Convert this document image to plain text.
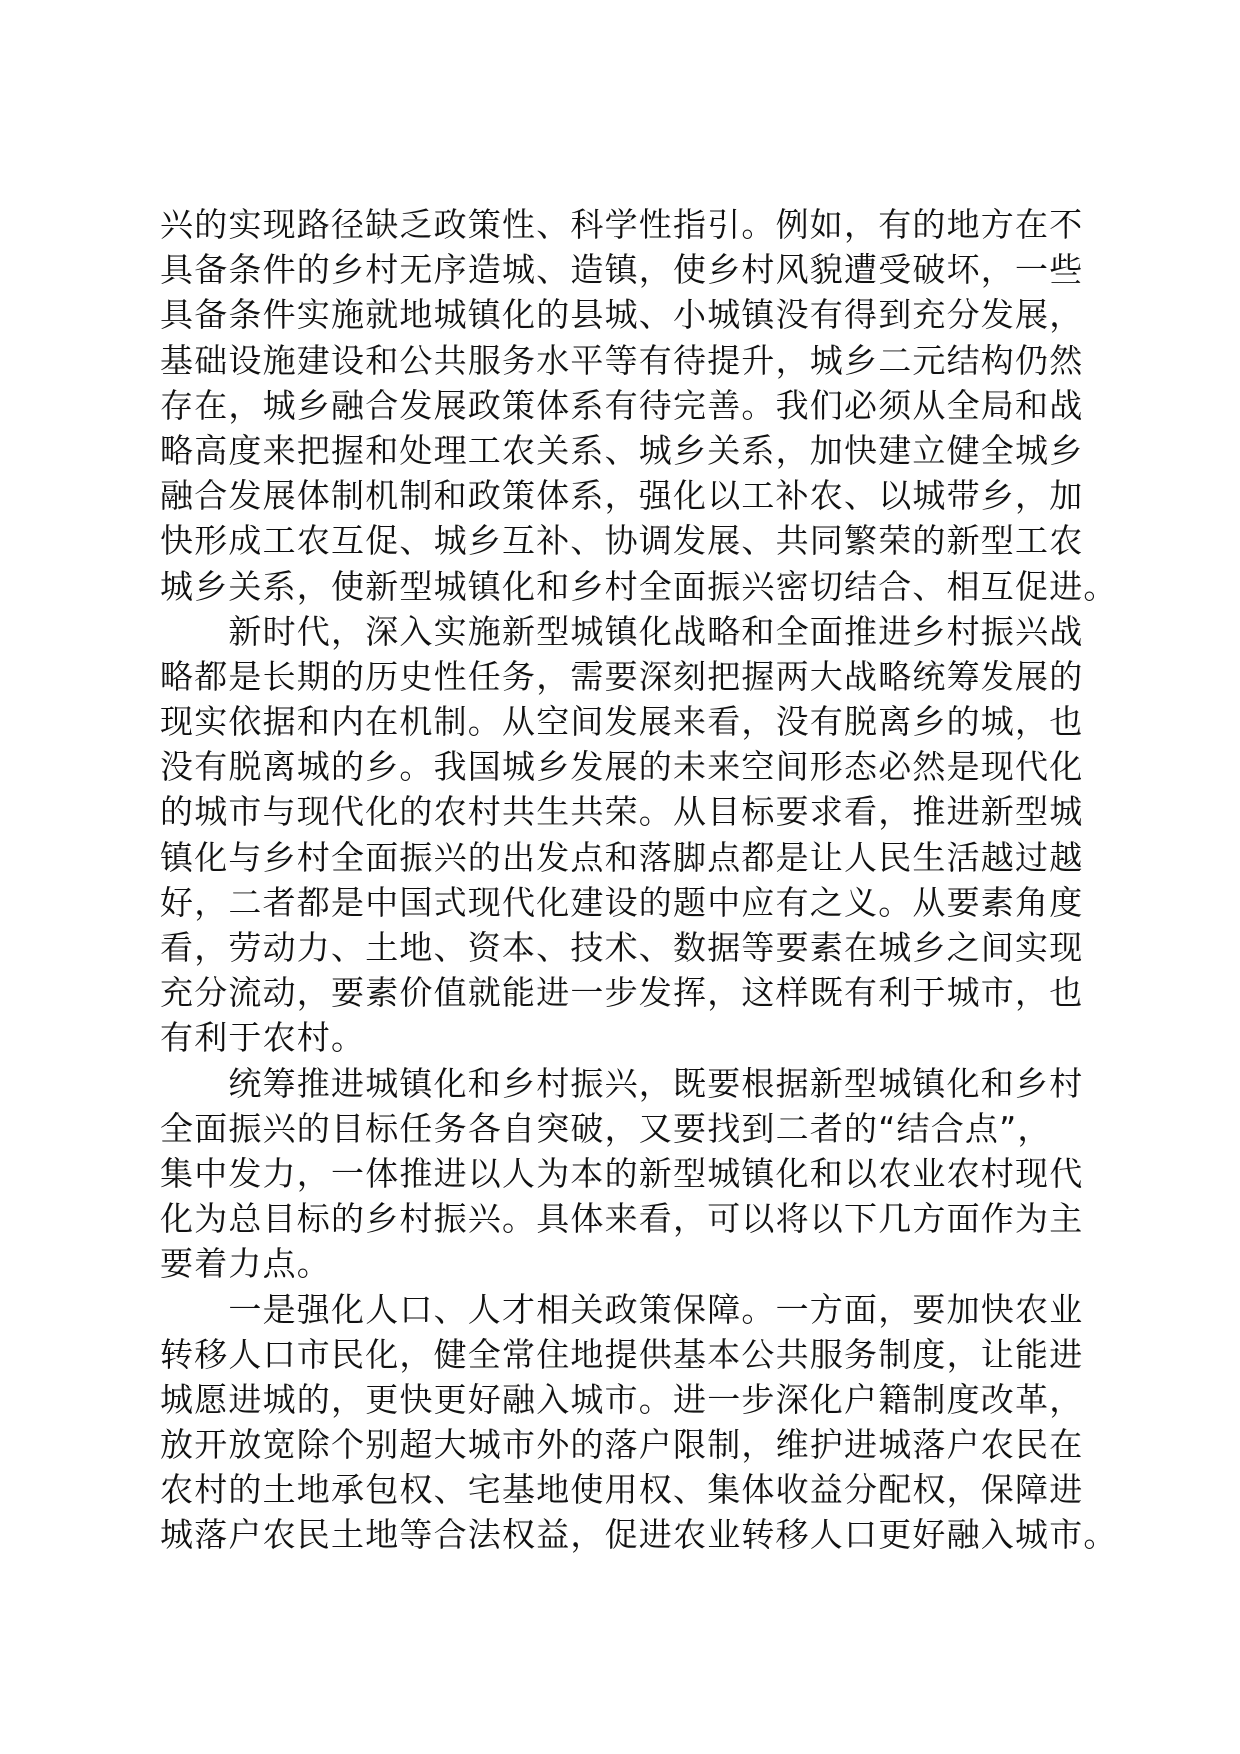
兴的实现路径缺乏政策性、科学性指引。例如，有的地方在不
具备条件的乡村无序造城、造镇，使乡村风貌遭受破坏，一些
具备条件实施就地城镇化的县城、小城镇没有得到充分发展，
基础设施建设和公共服务水平等有待提升，城乡二元结构仍然
存在，城乡融合发展政策体系有待完善。我们必须从全局和战
略高度来把握和处理工农关系、城乡关系，加快建立健全城乡
融合发展体制机制和政策体系，强化以工补农、以城带乡，加
快形成工农互促、城乡互补、协调发展、共同繁荣的新型工农
城乡关系，使新型城镇化和乡村全面振兴密切结合、相互促进。
　　新时代，深入实施新型城镇化战略和全面推进乡村振兴战
略都是长期的历史性任务，需要深刻把握两大战略统筹发展的
现实依据和内在机制。从空间发展来看，没有脱离乡的城，也
没有脱离城的乡。我国城乡发展的未来空间形态必然是现代化
的城市与现代化的农村共生共荣。从目标要求看，推进新型城
镇化与乡村全面振兴的出发点和落脚点都是让人民生活越过越
好，二者都是中国式现代化建设的题中应有之义。从要素角度
看，劳动力、土地、资本、技术、数据等要素在城乡之间实现
充分流动，要素价值就能进一步发挥，这样既有利于城市，也
有利于农村。
　　统筹推进城镇化和乡村振兴，既要根据新型城镇化和乡村
全面振兴的目标任务各自突破，又要找到二者的“结合点”，
集中发力，一体推进以人为本的新型城镇化和以农业农村现代
化为总目标的乡村振兴。具体来看，可以将以下几方面作为主
要着力点。
　　一是强化人口、人才相关政策保障。一方面，要加快农业
转移人口市民化，健全常住地提供基本公共服务制度，让能进
城愿进城的，更快更好融入城市。进一步深化户籍制度改革，
放开放宽除个别超大城市外的落户限制，维护进城落户农民在
农村的土地承包权、宅基地使用权、集体收益分配权，保障进
城落户农民土地等合法权益，促进农业转移人口更好融入城市。
